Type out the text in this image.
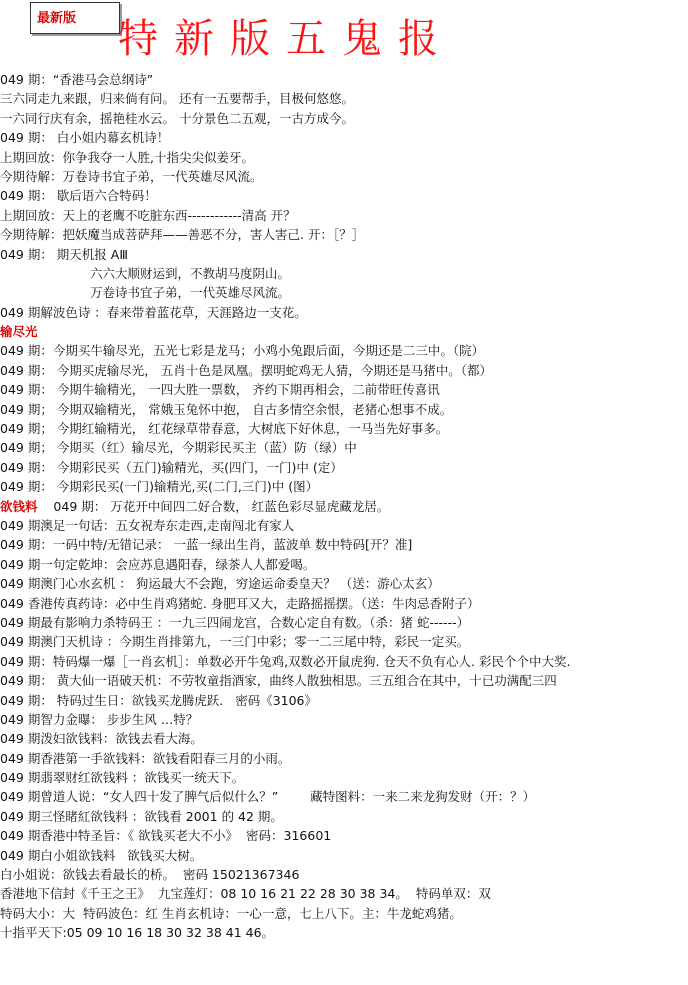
最新版 特新版五鬼报
049 期：“香港马会总纲诗”
三六同走九来跟，归来倘有问。 还有一五要帮手，目极何悠悠。
一六同行庆有余，摇艳桂水云。 十分景色二五观，一古方成今。
049 期： 白小姐内幕玄机诗！
上期回放：你争我夺一人胜,十指尖尖似姜牙。
今期待解：万卷诗书宜子弟，一代英雄尽风流。
049 期： 歇后语六合特码！
上期回放：天上的老鹰不吃脏东西------------清高 开？
今期待解：把妖魔当成菩萨拜——善恶不分，害人害己. 开：［？］
049 期： 期天机报 AⅢ
六六大顺财运到，不教胡马度阴山。
万卷诗书宜子弟，一代英雄尽风流。
049 期解波色诗 ：春来带着蓝花草，天涯路边一支花。
输尽光
049 期：今期买牛输尽光，五光七彩是龙马；小鸡小兔跟后面，今期还是二三中。（院）
049 期： 今期买虎输尽光， 五肖十色是凤凰。摆明蛇鸡无人猜，今期还是马猪中。（都）
049 期： 今期牛输精光， 一四大胜一票数， 齐约下期再相会，二前带旺传喜讯
049 期； 今期双输精光， 常娥玉兔怀中抱， 自古多情空余恨，老猪心想事不成。
049 期； 今期红输精光， 红花绿草带春意，大树底下好休息，一马当先好事多。
049 期； 今期买（红）输尽光，今期彩民买主（蓝）防（绿）中
049 期： 今期彩民买（五门)输精光，买(四门，一门)中 (定）
049 期： 今期彩民买(一门)输精光,买(二门,三门)中 (图）
欲钱料    049 期： 万花开中间四二好合数， 红蓝色彩尽显虎藏龙居。
049 期澳足一句话：五女祝寿东走西,走南闯北有家人
049 期：一码中特/无错记录： 一蓝一绿出生肖，蓝波单 数中特码[开？准]
049 期一句定乾坤：会应苏息遇阳春，绿茶人人都爱喝。
049 期澳门心水玄机 ： 狗运最大不会跑，穷途运命委皇天？ （送：游心太玄）
049 香港传真药诗：必中生肖鸡猪蛇. 身肥耳又大，走路摇摇摆。（送：牛肉忌香附子）
049 期最有影响力杀特码王 ：一九三四闹龙宫，合数心定自有数。（杀：猪 蛇------）
049 期澳门天机诗 ：今期生肖排第九，一三门中彩；零一二三尾中特，彩民一定买。
049 期：特码爆一爆［一肖玄机］：单数必开牛兔鸡,双数必开鼠虎狗. 仓天不负有心人. 彩民个个中大奖.
049 期： 黄大仙一语破天机：不劳牧童指酒家，曲终人散独相思。三五组合在其中，十已功满配三四
049 期： 特码过生日：欲钱买龙腾虎跃.   密码《3106》
049 期智力金曝： 步步生风 …特？
049 期泼妇欲钱料：欲钱去看大海。
049 期香港第一手欲钱料：欲钱看阳春三月的小雨。
049 期翡翠财红欲钱料 ：欲钱买一统天下。
049 期曾道人说：“女人四十发了脾气后似什么？”        藏特图料：一来二来龙狗发财（开：？）
049 期三怪睹紅欲钱料 ：欲钱看 2001 的 42 期。
049 期香港中特圣旨：《 欲钱买老大不小》  密码：316601
049 期白小姐欲钱料   欲钱买大树。
白小姐说：欲钱去看最长的桥。  密码 15021367346
香港地下信封《千王之王》  九宝莲灯：08 10 16 21 22 28 30 38 34。  特码单双：双
特码大小：大  特码波色：红 生肖玄机诗：一心一意，七上八下。主：牛龙蛇鸡猪。
十指平天下:05 09 10 16 18 30 32 38 41 46。
